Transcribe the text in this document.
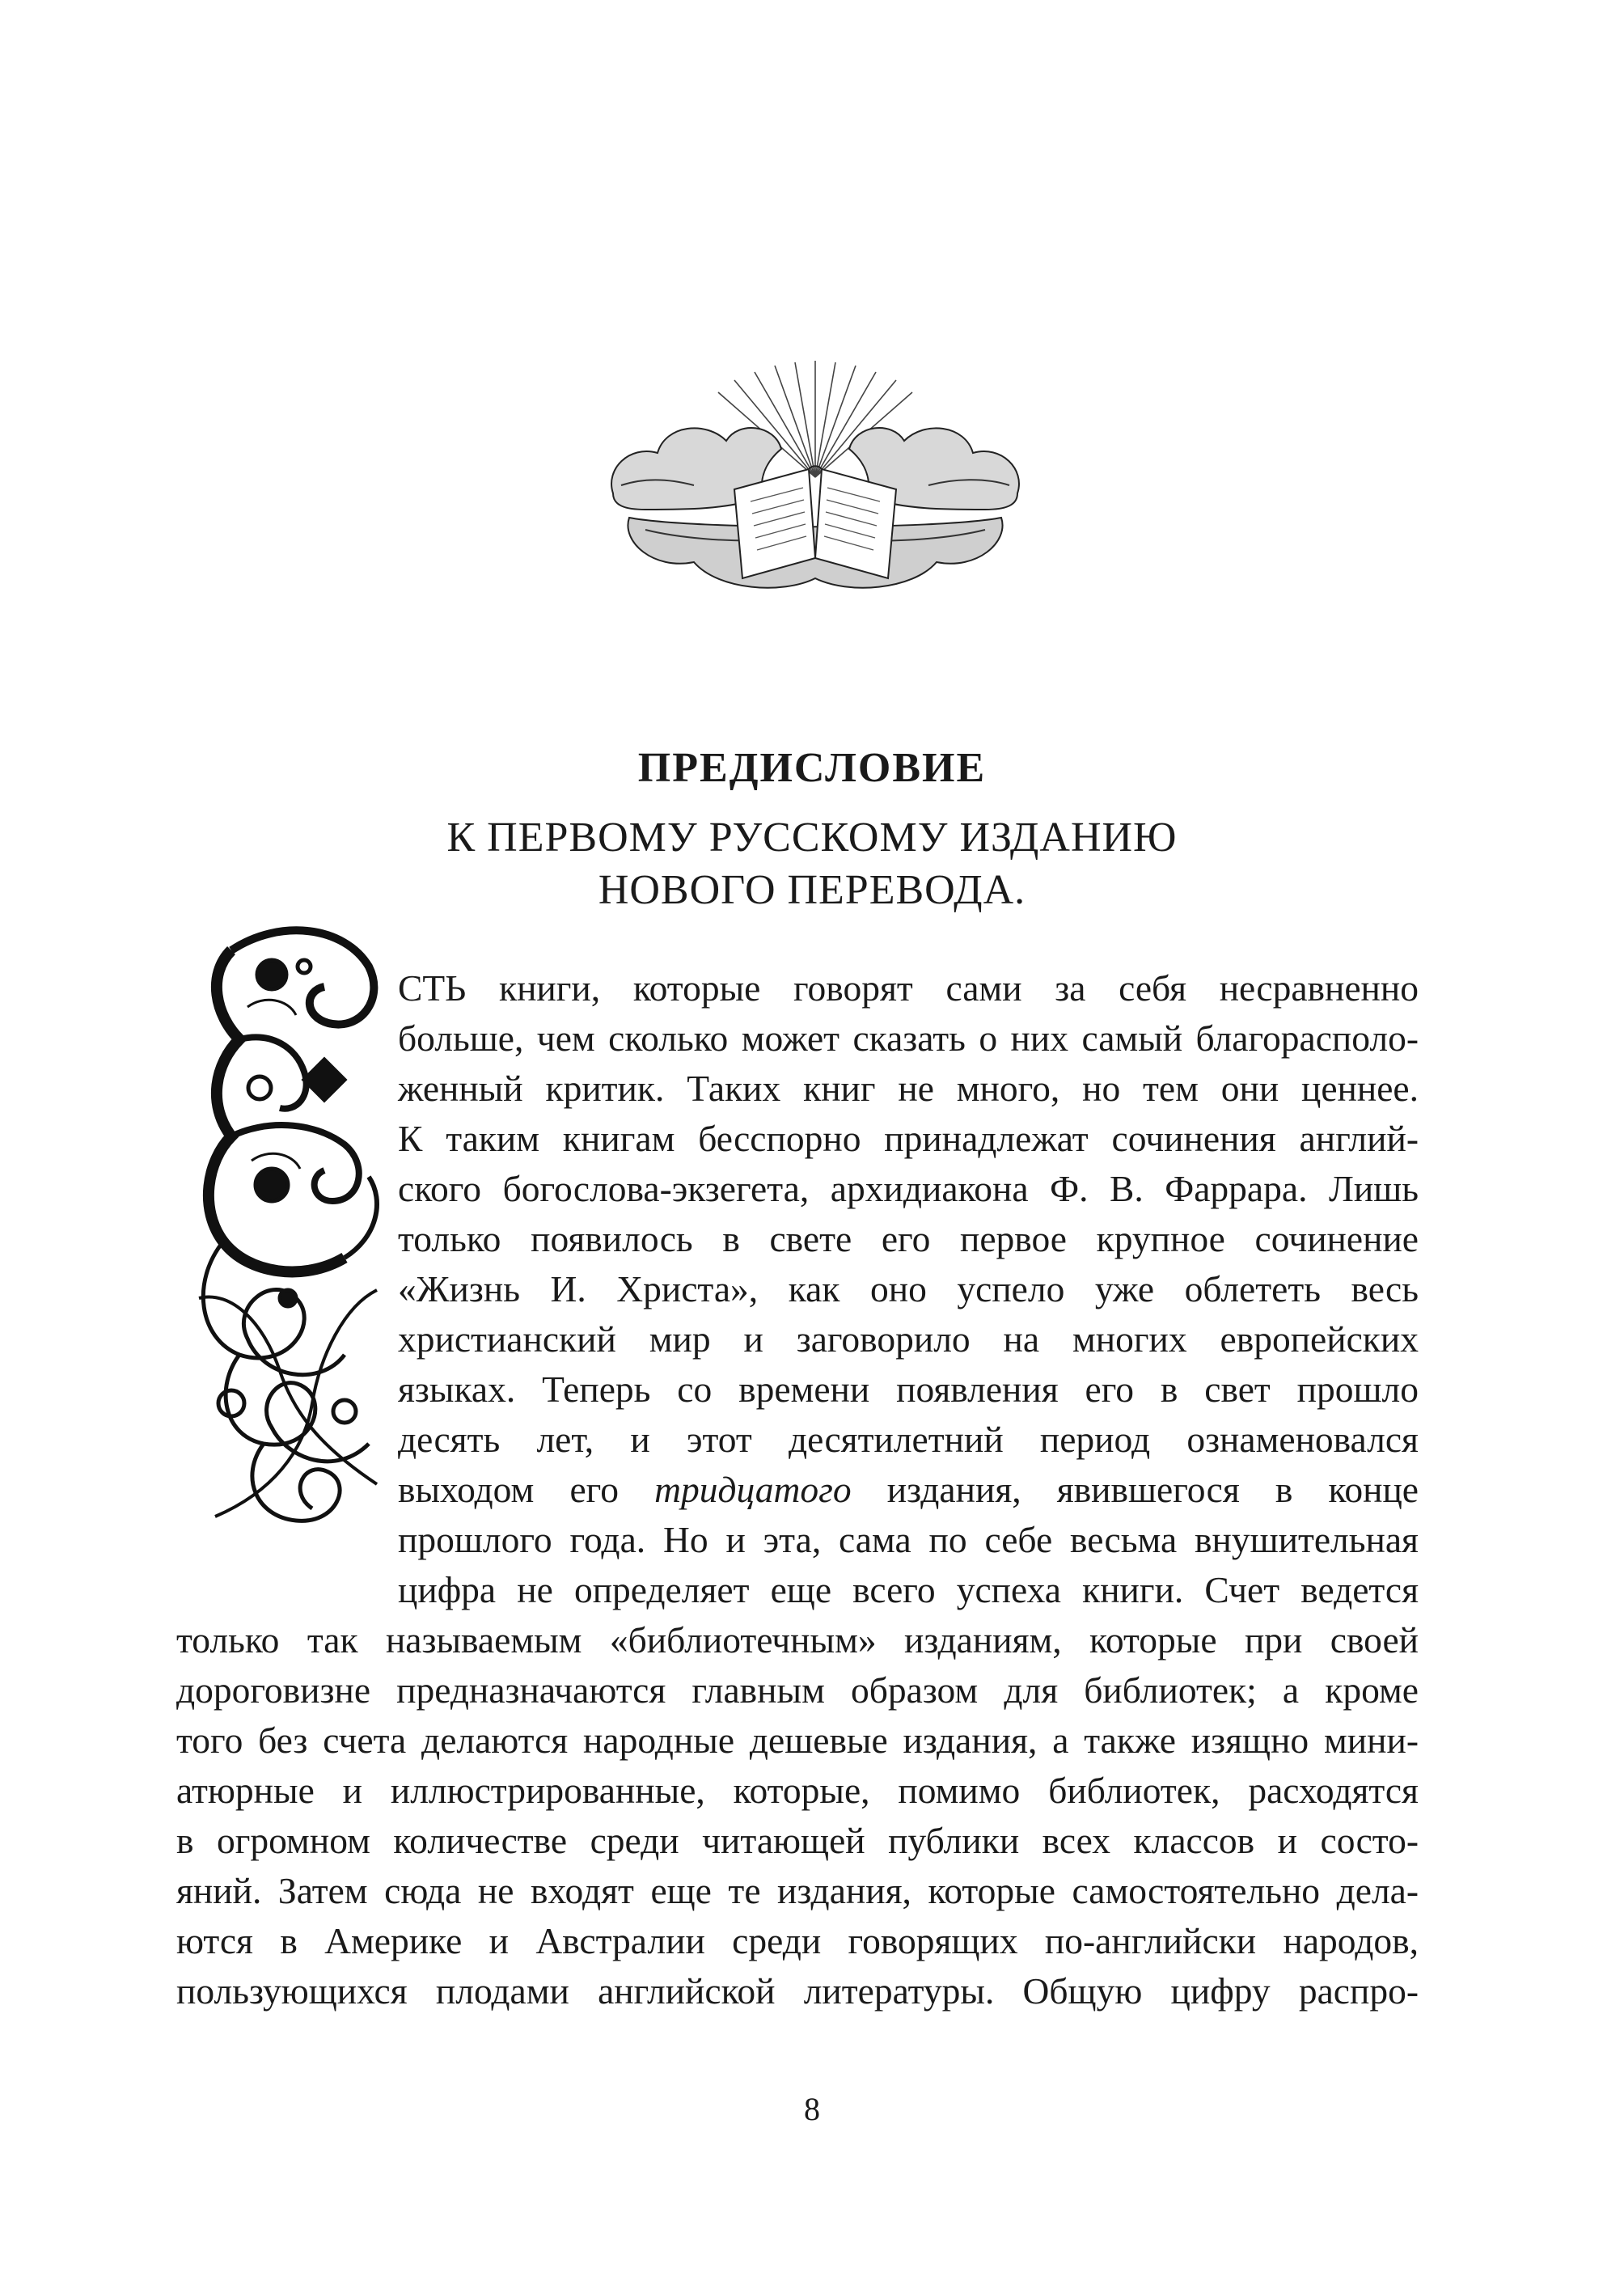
ПРЕДИСЛОВИЕ
К ПЕРВОМУ РУССКОМУ ИЗДАНИЮ
НОВОГО ПЕРЕВОДА.
СТЬ книги, которые говорят сами за себя несравненно
больше, чем сколько может сказать о них самый благорасполо-
женный критик. Таких книг не много, но тем они ценнее.
К таким книгам бесспорно принадлежат сочинения англий-
ского богослова-экзегета, архидиакона Ф. В. Фаррара. Лишь
только появилось в свете его первое крупное сочинение
«Жизнь И. Христа», как оно успело уже облететь весь
христианский мир и заговорило на многих европейских
языках. Теперь со времени появления его в свет прошло
десять лет, и этот десятилетний период ознаменовался
выходом его тридцатого издания, явившегося в конце
прошлого года. Но и эта, сама по себе весьма внушительная
цифра не определяет еще всего успеха книги. Счет ведется
только так называемым «библиотечным» изданиям, которые при своей
дороговизне предназначаются главным образом для библиотек; а кроме
того без счета делаются народные дешевые издания, а также изящно мини-
атюрные и иллюстрированные, которые, помимо библиотек, расходятся
в огромном количестве среди читающей публики всех классов и состо-
яний. Затем сюда не входят еще те издания, которые самостоятельно дела-
ются в Америке и Австралии среди говорящих по-английски народов,
пользующихся плодами английской литературы. Общую цифру распро-
8
